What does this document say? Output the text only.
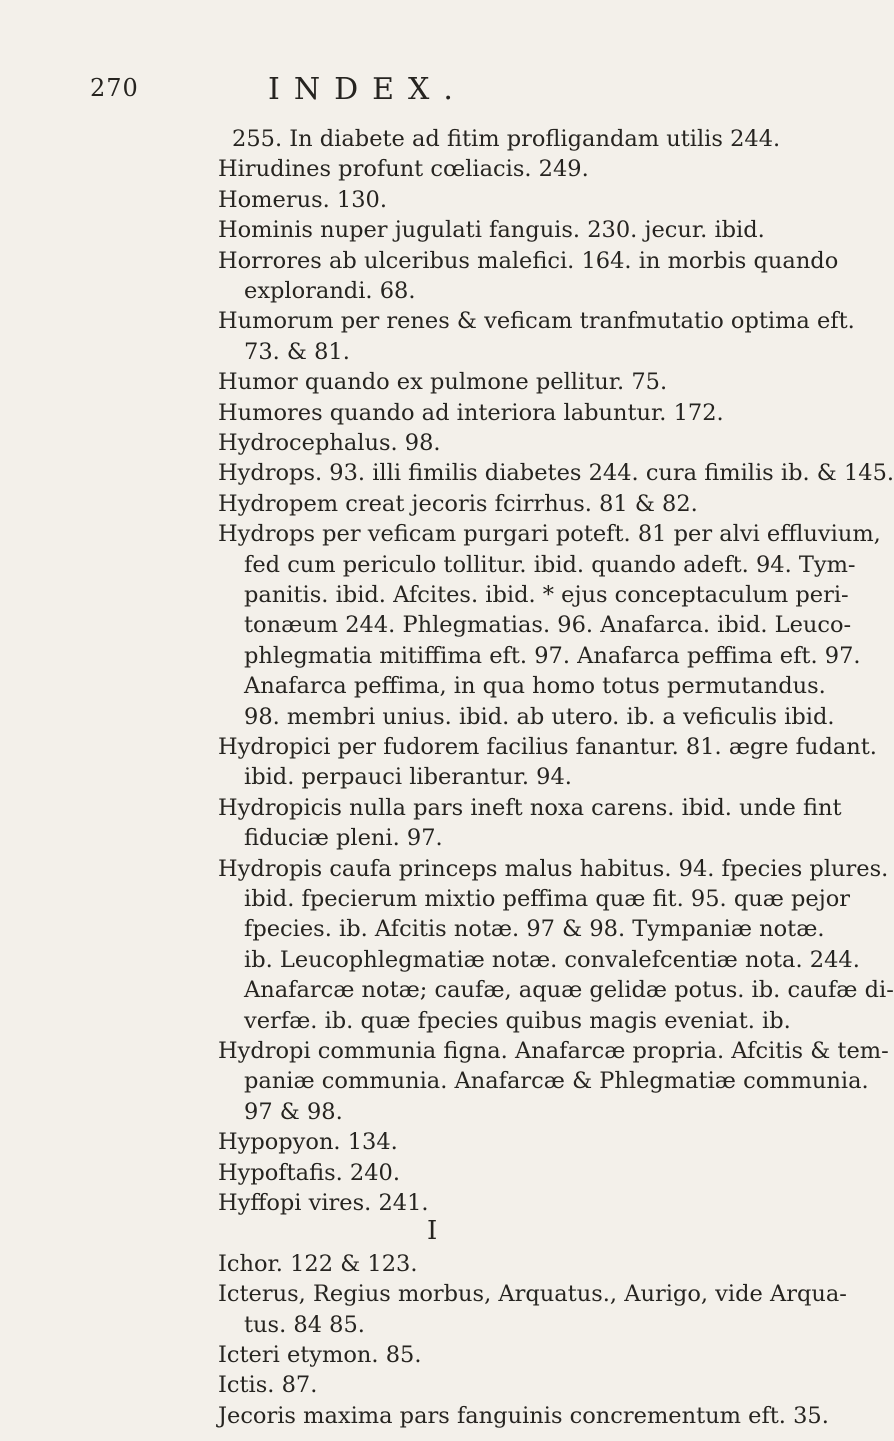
270	INDEX.
255. In diabete ad fitim profligandam utilis 244.
Hirudines profunt cœliacis. 249.
Homerus. 130.
Hominis nuper jugulati fanguis. 230. jecur. ibid.
Horrores ab ulceribus malefici. 164. in morbis quando
explorandi. 68.
Humorum per renes & veficam tranfmutatio optima eft.
73. & 81.
Humor quando ex pulmone pellitur. 75.
Humores quando ad interiora labuntur. 172.
Hydrocephalus. 98.
Hydrops. 93. illi fimilis diabetes 244. cura fimilis ib. & 145.
Hydropem creat jecoris fcirrhus. 81 & 82.
Hydrops per veficam purgari poteft. 81 per alvi effluvium,
fed cum periculo tollitur. ibid. quando adeft. 94. Tym-
panitis. ibid. Afcites. ibid. * ejus conceptaculum peri-
tonæum 244. Phlegmatias. 96. Anafarca. ibid. Leuco-
phlegmatia mitiffima eft. 97. Anafarca peffima eft. 97.
Anafarca peffima, in qua homo totus permutandus.
98. membri unius. ibid. ab utero. ib. a veficulis ibid.
Hydropici per fudorem facilius fanantur. 81. ægre fudant.
ibid. perpauci liberantur. 94.
Hydropicis nulla pars ineft noxa carens. ibid. unde fint
fiduciæ pleni. 97.
Hydropis caufa princeps malus habitus. 94. fpecies plures.
ibid. fpecierum mixtio peffima quæ fit. 95. quæ pejor
fpecies. ib. Afcitis notæ. 97 & 98. Tympaniæ notæ.
ib. Leucophlegmatiæ notæ. convalefcentiæ nota. 244.
Anafarcæ notæ; caufæ, aquæ gelidæ potus. ib. caufæ di-
verfæ. ib. quæ fpecies quibus magis eveniat. ib.
Hydropi communia figna. Anafarcæ propria. Afcitis & tem-
paniæ communia. Anafarcæ & Phlegmatiæ communia.
97 & 98.
Hypopyon. 134.
Hypoftafis. 240.
Hyffopi vires. 241.
I
Ichor. 122 & 123.
Icterus, Regius morbus, Arquatus., Aurigo, vide Arqua-
tus. 84 85.
Icteri etymon. 85.
Ictis. 87.
Jecoris maxima pars fanguinis concrementum eft. 35.
